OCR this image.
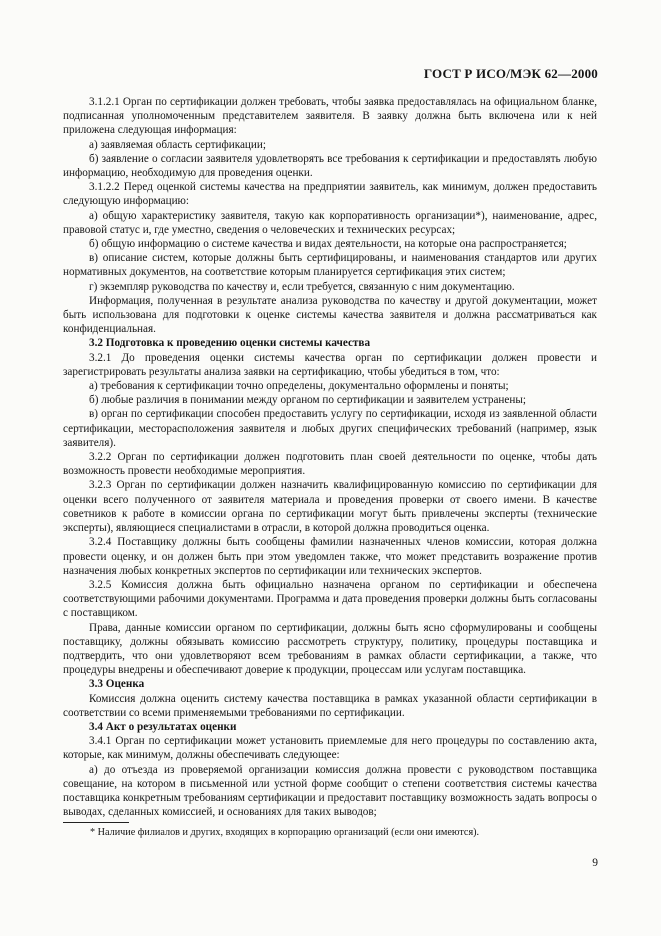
ГОСТ Р ИСО/МЭК 62—2000

3.1.2.1 Орган по сертификации должен требовать, чтобы заявка предоставлялась на официальном бланке, подписанная уполномоченным представителем заявителя. В заявку должна быть включена или к ней приложена следующая информация:

а) заявляемая область сертификации;

б) заявление о согласии заявителя удовлетворять все требования к сертификации и предоставлять любую информацию, необходимую для проведения оценки.

3.1.2.2 Перед оценкой системы качества на предприятии заявитель, как минимум, должен предоставить следующую информацию:

а) общую характеристику заявителя, такую как корпоративность организации*), наименование, адрес, правовой статус и, где уместно, сведения о человеческих и технических ресурсах;

б) общую информацию о системе качества и видах деятельности, на которые она распространяется;

в) описание систем, которые должны быть сертифицированы, и наименования стандартов или других нормативных документов, на соответствие которым планируется сертификация этих систем;

г) экземпляр руководства по качеству и, если требуется, связанную с ним документацию.

Информация, полученная в результате анализа руководства по качеству и другой документации, может быть использована для подготовки к оценке системы качества заявителя и должна рассматриваться как конфиденциальная.

3.2 Подготовка к проведению оценки системы качества

3.2.1 До проведения оценки системы качества орган по сертификации должен провести и зарегистрировать результаты анализа заявки на сертификацию, чтобы убедиться в том, что:

а) требования к сертификации точно определены, документально оформлены и поняты;

б) любые различия в понимании между органом по сертификации и заявителем устранены;

в) орган по сертификации способен предоставить услугу по сертификации, исходя из заявленной области сертификации, месторасположения заявителя и любых других специфических требований (например, язык заявителя).

3.2.2 Орган по сертификации должен подготовить план своей деятельности по оценке, чтобы дать возможность провести необходимые мероприятия.

3.2.3 Орган по сертификации должен назначить квалифицированную комиссию по сертификации для оценки всего полученного от заявителя материала и проведения проверки от своего имени. В качестве советников к работе в комиссии органа по сертификации могут быть привлечены эксперты (технические эксперты), являющиеся специалистами в отрасли, в которой должна проводиться оценка.

3.2.4 Поставщику должны быть сообщены фамилии назначенных членов комиссии, которая должна провести оценку, и он должен быть при этом уведомлен также, что может представить возражение против назначения любых конкретных экспертов по сертификации или технических экспертов.

3.2.5 Комиссия должна быть официально назначена органом по сертификации и обеспечена соответствующими рабочими документами. Программа и дата проведения проверки должны быть согласованы с поставщиком.

Права, данные комиссии органом по сертификации, должны быть ясно сформулированы и сообщены поставщику, должны обязывать комиссию рассмотреть структуру, политику, процедуры поставщика и подтвердить, что они удовлетворяют всем требованиям в рамках области сертификации, а также, что процедуры внедрены и обеспечивают доверие к продукции, процессам или услугам поставщика.

3.3 Оценка

Комиссия должна оценить систему качества поставщика в рамках указанной области сертификации в соответствии со всеми применяемыми требованиями по сертификации.

3.4 Акт о результатах оценки

3.4.1 Орган по сертификации может установить приемлемые для него процедуры по составлению акта, которые, как минимум, должны обеспечивать следующее:

а) до отъезда из проверяемой организации комиссия должна провести с руководством поставщика совещание, на котором в письменной или устной форме сообщит о степени соответствия системы качества поставщика конкретным требованиям сертификации и предоставит поставщику возможность задать вопросы о выводах, сделанных комиссией, и основаниях для таких выводов;

* Наличие филиалов и других, входящих в корпорацию организаций (если они имеются).
9
